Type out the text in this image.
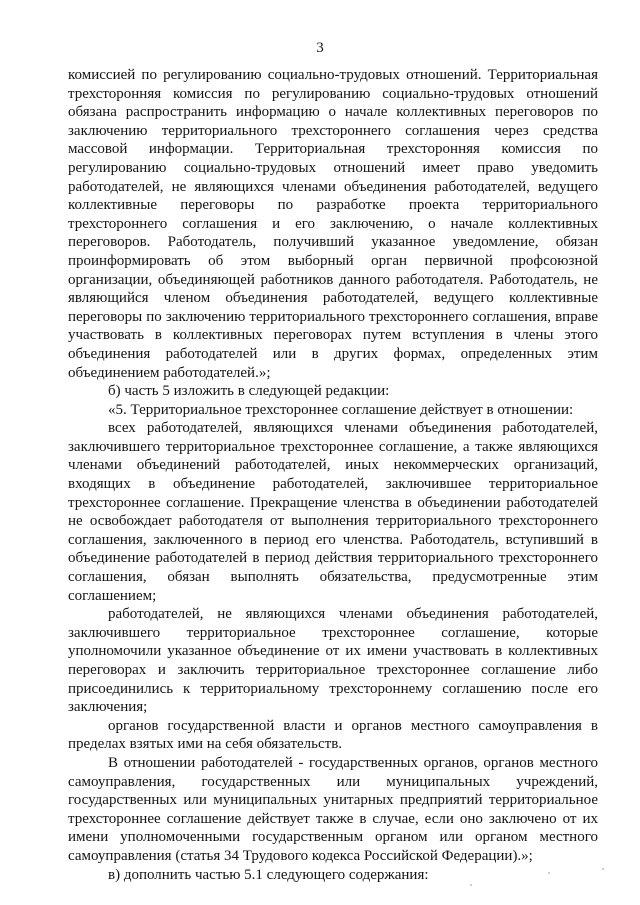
3

комиссией по регулированию социально-трудовых отношений. Территориальная трехсторонняя комиссия по регулированию социально-трудовых отношений обязана распространить информацию о начале коллективных переговоров по заключению территориального трехстороннего соглашения через средства массовой информации. Территориальная трехсторонняя комиссия по регулированию социально-трудовых отношений имеет право уведомить работодателей, не являющихся членами объединения работодателей, ведущего коллективные переговоры по разработке проекта территориального трехстороннего соглашения и его заключению, о начале коллективных переговоров. Работодатель, получивший указанное уведомление, обязан проинформировать об этом выборный орган первичной профсоюзной организации, объединяющей работников данного работодателя. Работодатель, не являющийся членом объединения работодателей, ведущего коллективные переговоры по заключению территориального трехстороннего соглашения, вправе участвовать в коллективных переговорах путем вступления в члены этого объединения работодателей или в других формах, определенных этим объединением работодателей.»;

б) часть 5 изложить в следующей редакции:

«5. Территориальное трехстороннее соглашение действует в отношении:

всех работодателей, являющихся членами объединения работодателей, заключившего территориальное трехстороннее соглашение, а также являющихся членами объединений работодателей, иных некоммерческих организаций, входящих в объединение работодателей, заключившее территориальное трехстороннее соглашение. Прекращение членства в объединении работодателей не освобождает работодателя от выполнения территориального трехстороннего соглашения, заключенного в период его членства. Работодатель, вступивший в объединение работодателей в период действия территориального трехстороннего соглашения, обязан выполнять обязательства, предусмотренные этим соглашением;

работодателей, не являющихся членами объединения работодателей, заключившего территориальное трехстороннее соглашение, которые уполномочили указанное объединение от их имени участвовать в коллективных переговорах и заключить территориальное трехстороннее соглашение либо присоединились к территориальному трехстороннему соглашению после его заключения;

органов государственной власти и органов местного самоуправления в пределах взятых ими на себя обязательств.

В отношении работодателей - государственных органов, органов местного самоуправления, государственных или муниципальных учреждений, государственных или муниципальных унитарных предприятий территориальное трехстороннее соглашение действует также в случае, если оно заключено от их имени уполномоченными государственным органом или органом местного самоуправления (статья 34 Трудового кодекса Российской Федерации).»;

в) дополнить частью 5.1 следующего содержания:
